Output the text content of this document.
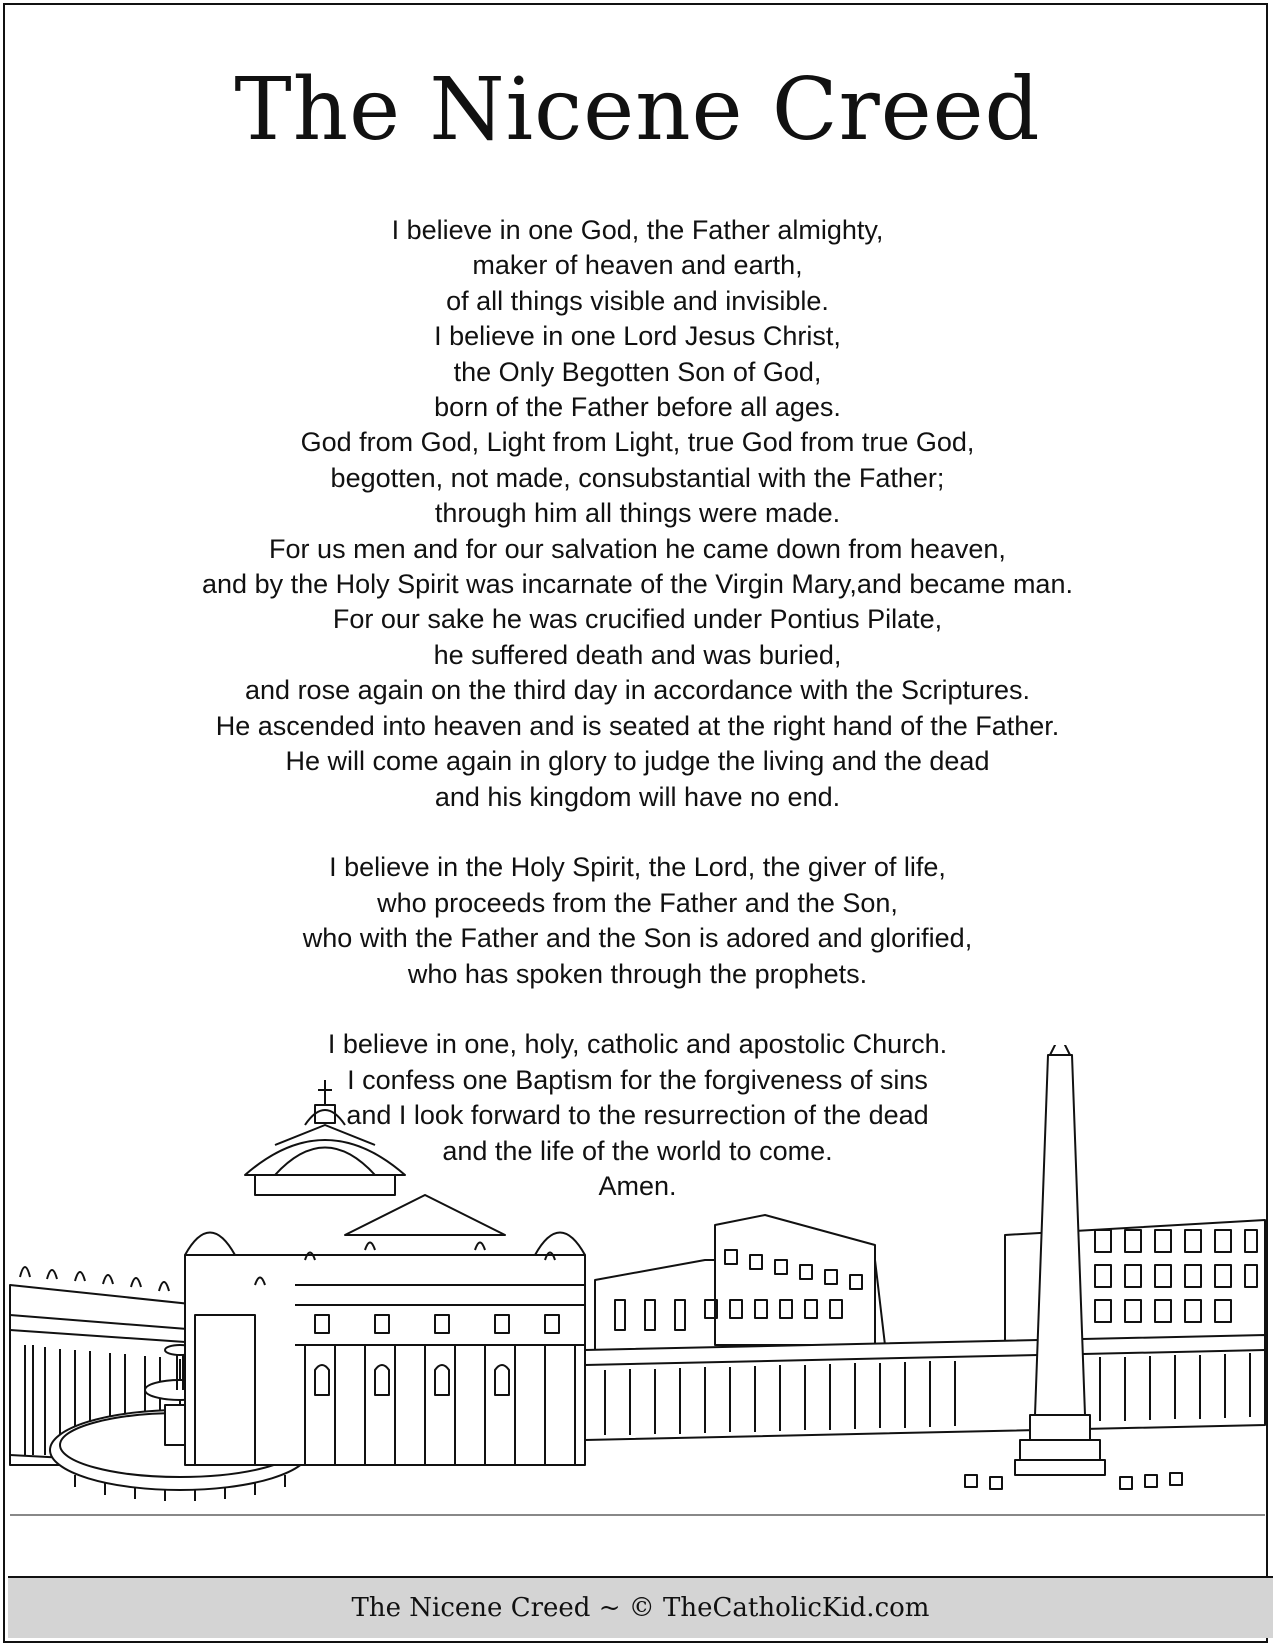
The Nicene Creed
I believe in one God, the Father almighty,
maker of heaven and earth,
of all things visible and invisible.
I believe in one Lord Jesus Christ,
the Only Begotten Son of God,
born of the Father before all ages.
God from God, Light from Light, true God from true God,
begotten, not made, consubstantial with the Father;
through him all things were made.
For us men and for our salvation he came down from heaven,
and by the Holy Spirit was incarnate of the Virgin Mary,and became man.
For our sake he was crucified under Pontius Pilate,
he suffered death and was buried,
and rose again on the third day in accordance with the Scriptures.
He ascended into heaven and is seated at the right hand of the Father.
He will come again in glory to judge the living and the dead
and his kingdom will have no end.
I believe in the Holy Spirit, the Lord, the giver of life,
who proceeds from the Father and the Son,
who with the Father and the Son is adored and glorified,
who has spoken through the prophets.
I believe in one, holy, catholic and apostolic Church.
I confess one Baptism for the forgiveness of sins
and I look forward to the resurrection of the dead
and the life of the world to come.
Amen.
The Nicene Creed ~ © TheCatholicKid.com
